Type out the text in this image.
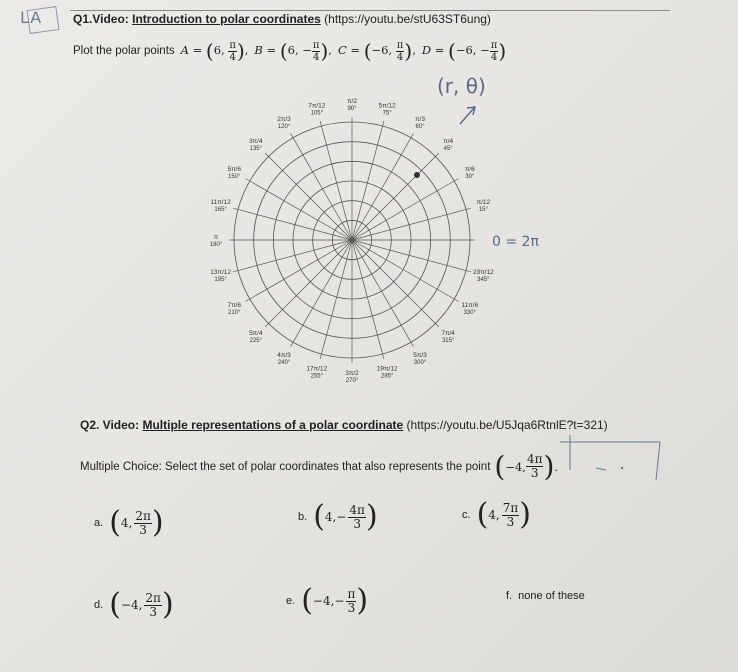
LA	Q1.Video: Introduction to polar coordinates (https://youtu.be/stU63ST6ung)
Plot the polar points A = (6, $\frac{\pi}{4}$ ), B = (6, − $\frac{\pi}{4}$ ), C = (−6, $\frac{\pi}{4}$ ), D = (−6, − $\frac{\pi}{4}$ )
(r, θ)
π/2
90°
7π/12
105°
5π/12
75°
2π/3
120°
π/3
60°
3π/4
135°
π/4
45°
5π/6
150°
π/6
30°
11π/12
165°
π/12
15°
π
180°
13π/12
195°
23π/12
345°
7π/6
210°
11π/6
330°
5π/4
225°
7π/4
315°
4π/3
240°
5π/3
300°
17π/12
255°
19π/12
285°
3π/2
270°
0 = 2π
Q2. Video: Multiple representations of a polar coordinate (https://youtu.be/U5Jqa6RtnlE?t=321)
Multiple Choice: Select the set of polar coordinates that also represents the point ( −4, $\frac{4\pi}{3}$ ) .
a. ( 4, $\frac{2\pi}{3}$ )	b. ( $4,- \frac{4\pi}{3}$ )	c. ( 4, $\frac{7\pi}{3}$ )
d. ( −4, $\frac{2\pi}{3}$ )	e. ( $-4,- \frac{\pi}{3}$ )	f. none of these
